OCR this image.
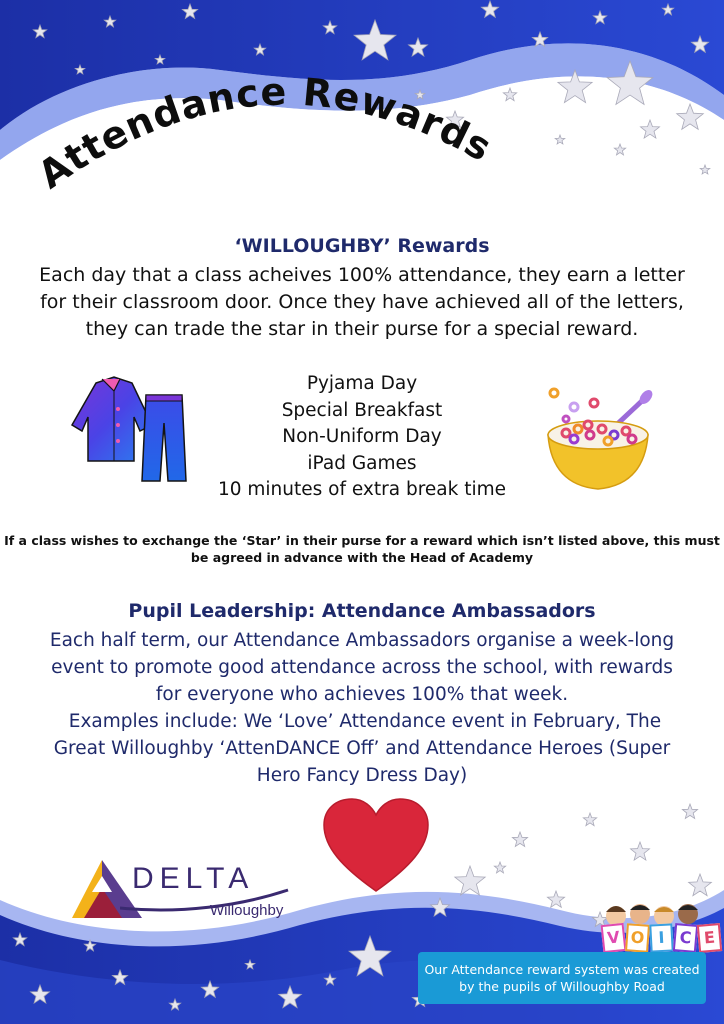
Attendance Rewards
‘WILLOUGHBY’ Rewards
Each day that a class acheives 100% attendance, they earn a letter
for their classroom door. Once they have achieved all of the letters,
they can trade the star in their purse for a special reward.
Pyjama Day
Special Breakfast
Non-Uniform Day
iPad Games
10 minutes of extra break time
If a class wishes to exchange the ‘Star’ in their purse for a reward which isn’t listed above, this must
be agreed in advance with the Head of Academy
Pupil Leadership: Attendance Ambassadors
Each half term, our Attendance Ambassadors organise a week-long
event to promote good attendance across the school, with rewards
for everyone who achieves 100% that week.
Examples include: We ‘Love’ Attendance event in February, The
Great Willoughby ‘AttenDANCE Off’ and Attendance Heroes (Super
Hero Fancy Dress Day)
DELTA
Willoughby
V O I C E
Our Attendance reward system was created
by the pupils of Willoughby Road
